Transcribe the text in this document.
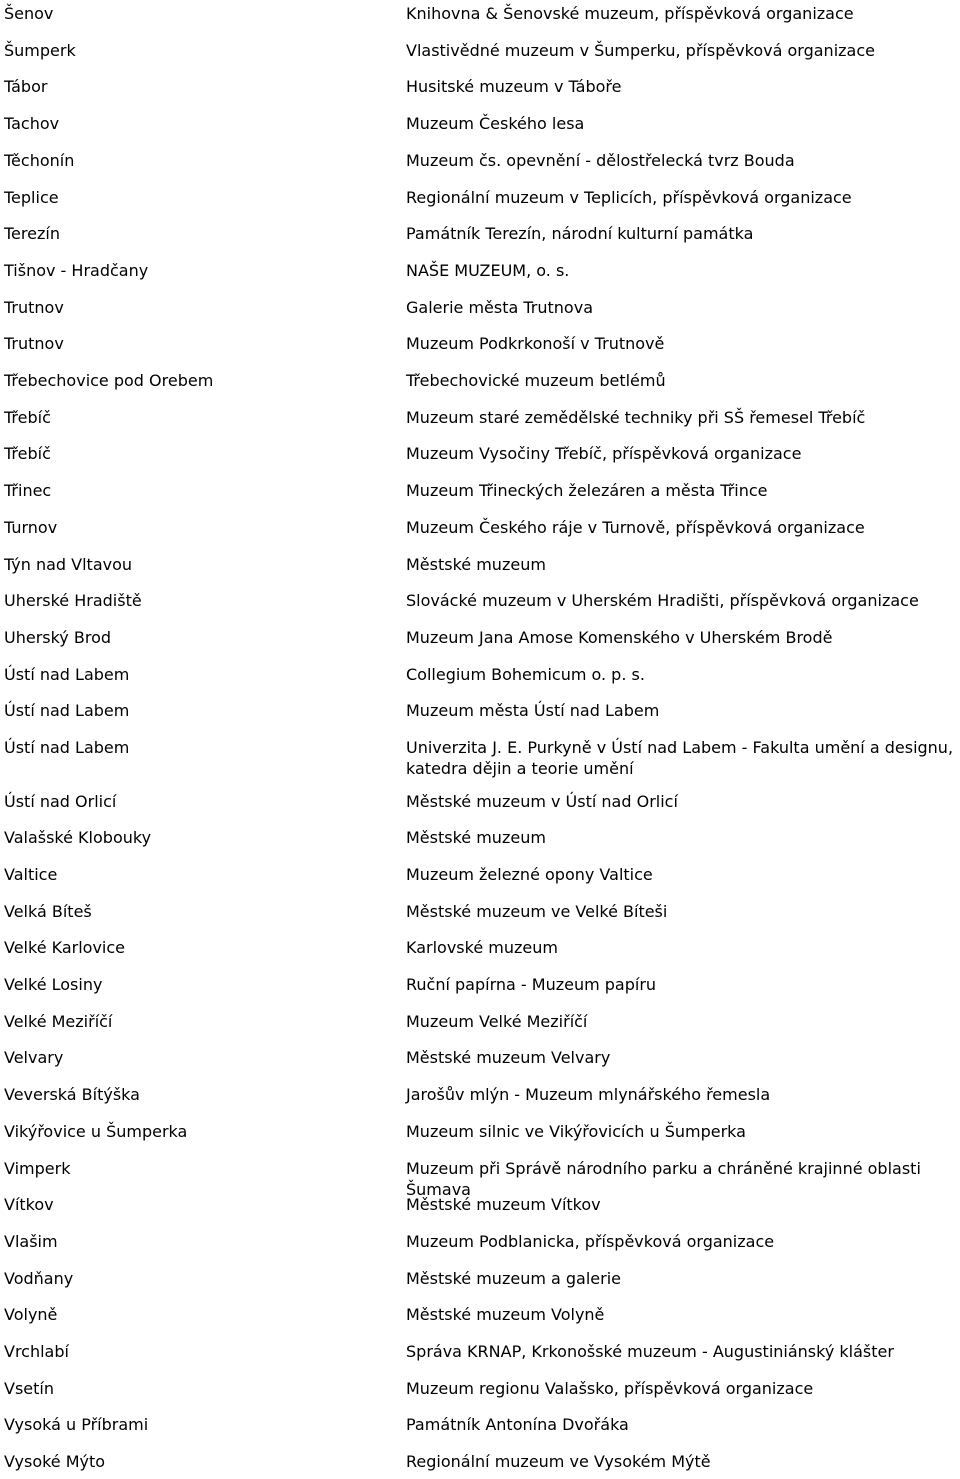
Šenov	Knihovna & Šenovské muzeum, příspěvková organizace
Šumperk	Vlastivědné muzeum v Šumperku, příspěvková organizace
Tábor	Husitské muzeum v Táboře
Tachov	Muzeum Českého lesa
Těchonín	Muzeum čs. opevnění - dělostřelecká tvrz Bouda
Teplice	Regionální muzeum v Teplicích, příspěvková organizace
Terezín	Památník Terezín, národní kulturní památka
Tišnov - Hradčany	NAŠE MUZEUM, o. s.
Trutnov	Galerie města Trutnova
Trutnov	Muzeum Podkrkonoší v Trutnově
Třebechovice pod Orebem	Třebechovické muzeum betlémů
Třebíč	Muzeum staré zemědělské techniky při SŠ řemesel Třebíč
Třebíč	Muzeum Vysočiny Třebíč, příspěvková organizace
Třinec	Muzeum Třineckých železáren a města Třince
Turnov	Muzeum Českého ráje v Turnově, příspěvková organizace
Týn nad Vltavou	Městské muzeum
Uherské Hradiště	Slovácké muzeum v Uherském Hradišti, příspěvková organizace
Uherský Brod	Muzeum Jana Amose Komenského v Uherském Brodě
Ústí nad Labem	Collegium Bohemicum o. p. s.
Ústí nad Labem	Muzeum města Ústí nad Labem
Ústí nad Labem	Univerzita J. E. Purkyně v Ústí nad Labem - Fakulta umění a designu, katedra dějin a teorie umění
Ústí nad Orlicí	Městské muzeum v Ústí nad Orlicí
Valašské Klobouky	Městské muzeum
Valtice	Muzeum železné opony Valtice
Velká Bíteš	Městské muzeum ve Velké Bíteši
Velké Karlovice	Karlovské muzeum
Velké Losiny	Ruční papírna - Muzeum papíru
Velké Meziříčí	Muzeum Velké Meziříčí
Velvary	Městské muzeum Velvary
Veverská Bítýška	Jarošův mlýn - Muzeum mlynářského řemesla
Vikýřovice u Šumperka	Muzeum silnic ve Vikýřovicích u Šumperka
Vimperk	Muzeum při Správě národního parku a chráněné krajinné oblasti Šumava
Vítkov	Městské muzeum Vítkov
Vlašim	Muzeum Podblanicka, příspěvková organizace
Vodňany	Městské muzeum a galerie
Volyně	Městské muzeum Volyně
Vrchlabí	Správa KRNAP, Krkonošské muzeum - Augustiniánský klášter
Vsetín	Muzeum regionu Valašsko, příspěvková organizace
Vysoká u Příbrami	Památník Antonína Dvořáka
Vysoké Mýto	Regionální muzeum ve Vysokém Mýtě
